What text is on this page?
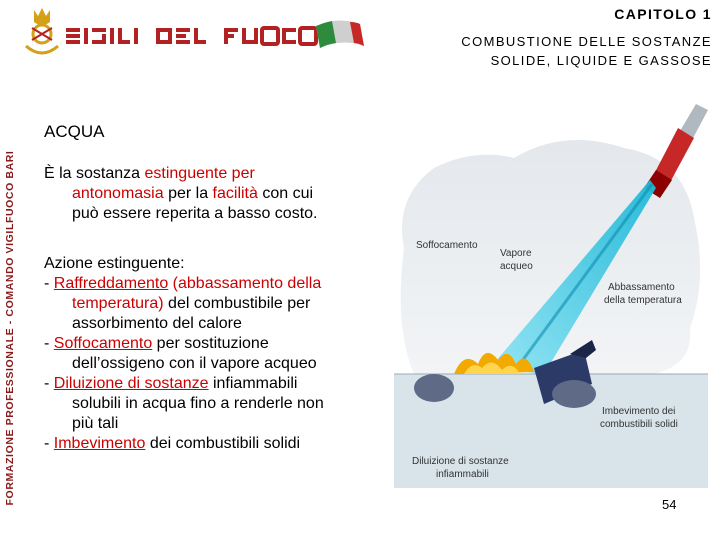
FORMAZIONE PROFESSIONALE - COMANDO VIGILFUOCO BARI
CAPITOLO 1
COMBUSTIONE DELLE SOSTANZE
SOLIDE, LIQUIDE E GASSOSE
ACQUA
È la sostanza estinguente per
antonomasia per la facilità con cui
può essere reperita a basso costo.
Azione estinguente:
- Raffreddamento (abbassamento della
temperatura) del combustibile per
assorbimento del calore
- Soffocamento per sostituzione
dell’ossigeno con il vapore acqueo
- Diluizione di sostanze infiammabili
solubili in acqua fino a renderle non
più tali
- Imbevimento dei combustibili solidi
Soffocamento
Vapore
acqueo
Abbassamento
della temperatura
Imbevimento dei
combustibili solidi
Diluizione di sostanze
infiammabili
54
